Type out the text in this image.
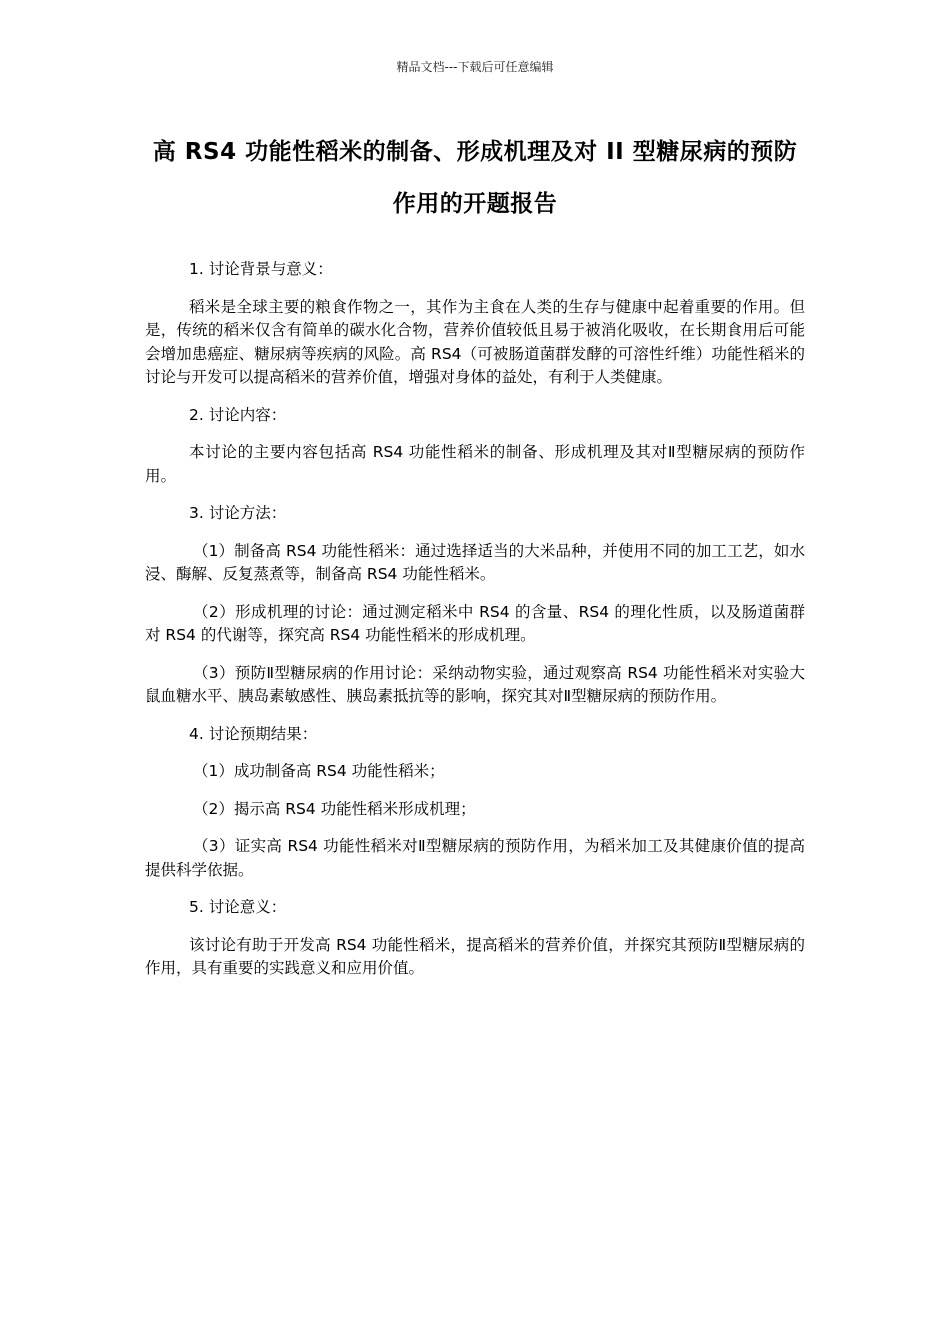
精品文档---下载后可任意编辑
高 RS4 功能性稻米的制备、形成机理及对 II 型糖尿病的预防作用的开题报告

1. 讨论背景与意义：

稻米是全球主要的粮食作物之一，其作为主食在人类的生存与健康中起着重要的作用。但是，传统的稻米仅含有简单的碳水化合物，营养价值较低且易于被消化吸收，在长期食用后可能会增加患癌症、糖尿病等疾病的风险。高 RS4（可被肠道菌群发酵的可溶性纤维）功能性稻米的讨论与开发可以提高稻米的营养价值，增强对身体的益处，有利于人类健康。

2. 讨论内容：

本讨论的主要内容包括高 RS4 功能性稻米的制备、形成机理及其对Ⅱ型糖尿病的预防作用。

3. 讨论方法：

（1）制备高 RS4 功能性稻米：通过选择适当的大米品种，并使用不同的加工工艺，如水浸、酶解、反复蒸煮等，制备高 RS4 功能性稻米。

（2）形成机理的讨论：通过测定稻米中 RS4 的含量、RS4 的理化性质，以及肠道菌群对 RS4 的代谢等，探究高 RS4 功能性稻米的形成机理。

（3）预防Ⅱ型糖尿病的作用讨论：采纳动物实验，通过观察高 RS4 功能性稻米对实验大鼠血糖水平、胰岛素敏感性、胰岛素抵抗等的影响，探究其对Ⅱ型糖尿病的预防作用。

4. 讨论预期结果：

（1）成功制备高 RS4 功能性稻米；

（2）揭示高 RS4 功能性稻米形成机理；

（3）证实高 RS4 功能性稻米对Ⅱ型糖尿病的预防作用，为稻米加工及其健康价值的提高提供科学依据。

5. 讨论意义：

该讨论有助于开发高 RS4 功能性稻米，提高稻米的营养价值，并探究其预防Ⅱ型糖尿病的作用，具有重要的实践意义和应用价值。
